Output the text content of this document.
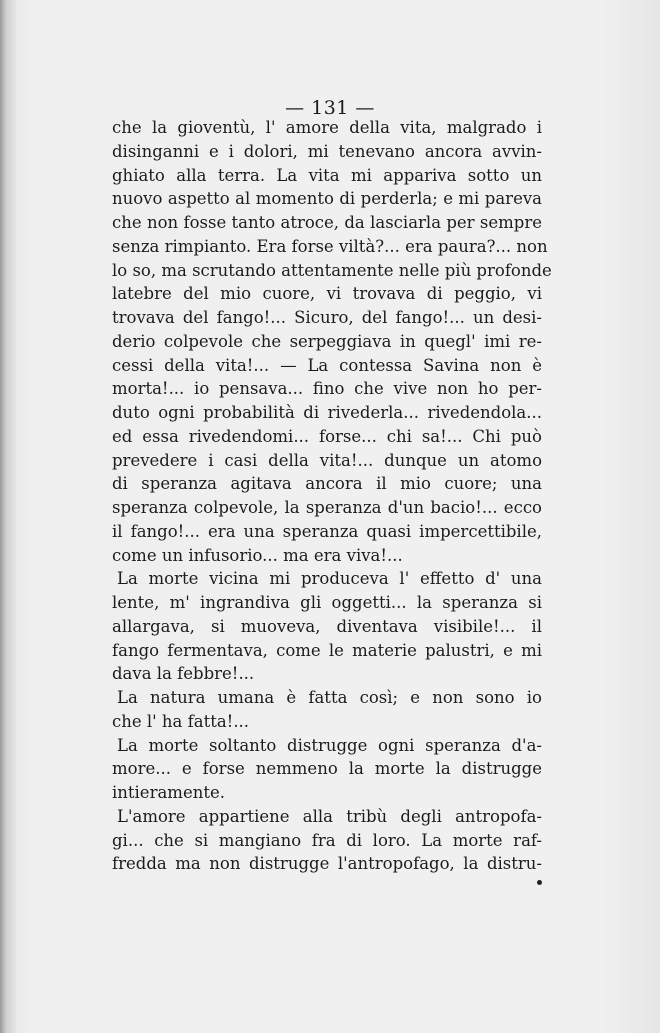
— 131 —
che la gioventù, l' amore della vita, malgrado i
disinganni e i dolori, mi tenevano ancora avvin-
ghiato alla terra. La vita mi appariva sotto un
nuovo aspetto al momento di perderla; e mi pareva
che non fosse tanto atroce, da lasciarla per sempre
senza rimpianto. Era forse viltà?... era paura?... non
lo so, ma scrutando attentamente nelle più profonde
latebre del mio cuore, vi trovava di peggio, vi
trovava del fango!... Sicuro, del fango!... un desi-
derio colpevole che serpeggiava in quegl' imi re-
cessi della vita!... — La contessa Savina non è
morta!... io pensava... fino che vive non ho per-
duto ogni probabilità di rivederla... rivedendola...
ed essa rivedendomi... forse... chi sa!... Chi può
prevedere i casi della vita!... dunque un atomo
di speranza agitava ancora il mio cuore; una
speranza colpevole, la speranza d'un bacio!... ecco
il fango!... era una speranza quasi impercettibile,
come un infusorio... ma era viva!...
La morte vicina mi produceva l' effetto d' una
lente, m' ingrandiva gli oggetti... la speranza si
allargava, si muoveva, diventava visibile!... il
fango fermentava, come le materie palustri, e mi
dava la febbre!...
La natura umana è fatta così; e non sono io
che l' ha fatta!...
La morte soltanto distrugge ogni speranza d'a-
more... e forse nemmeno la morte la distrugge
intieramente.
L'amore appartiene alla tribù degli antropofa-
gi... che si mangiano fra di loro. La morte raf-
fredda ma non distrugge l'antropofago, la distru-
